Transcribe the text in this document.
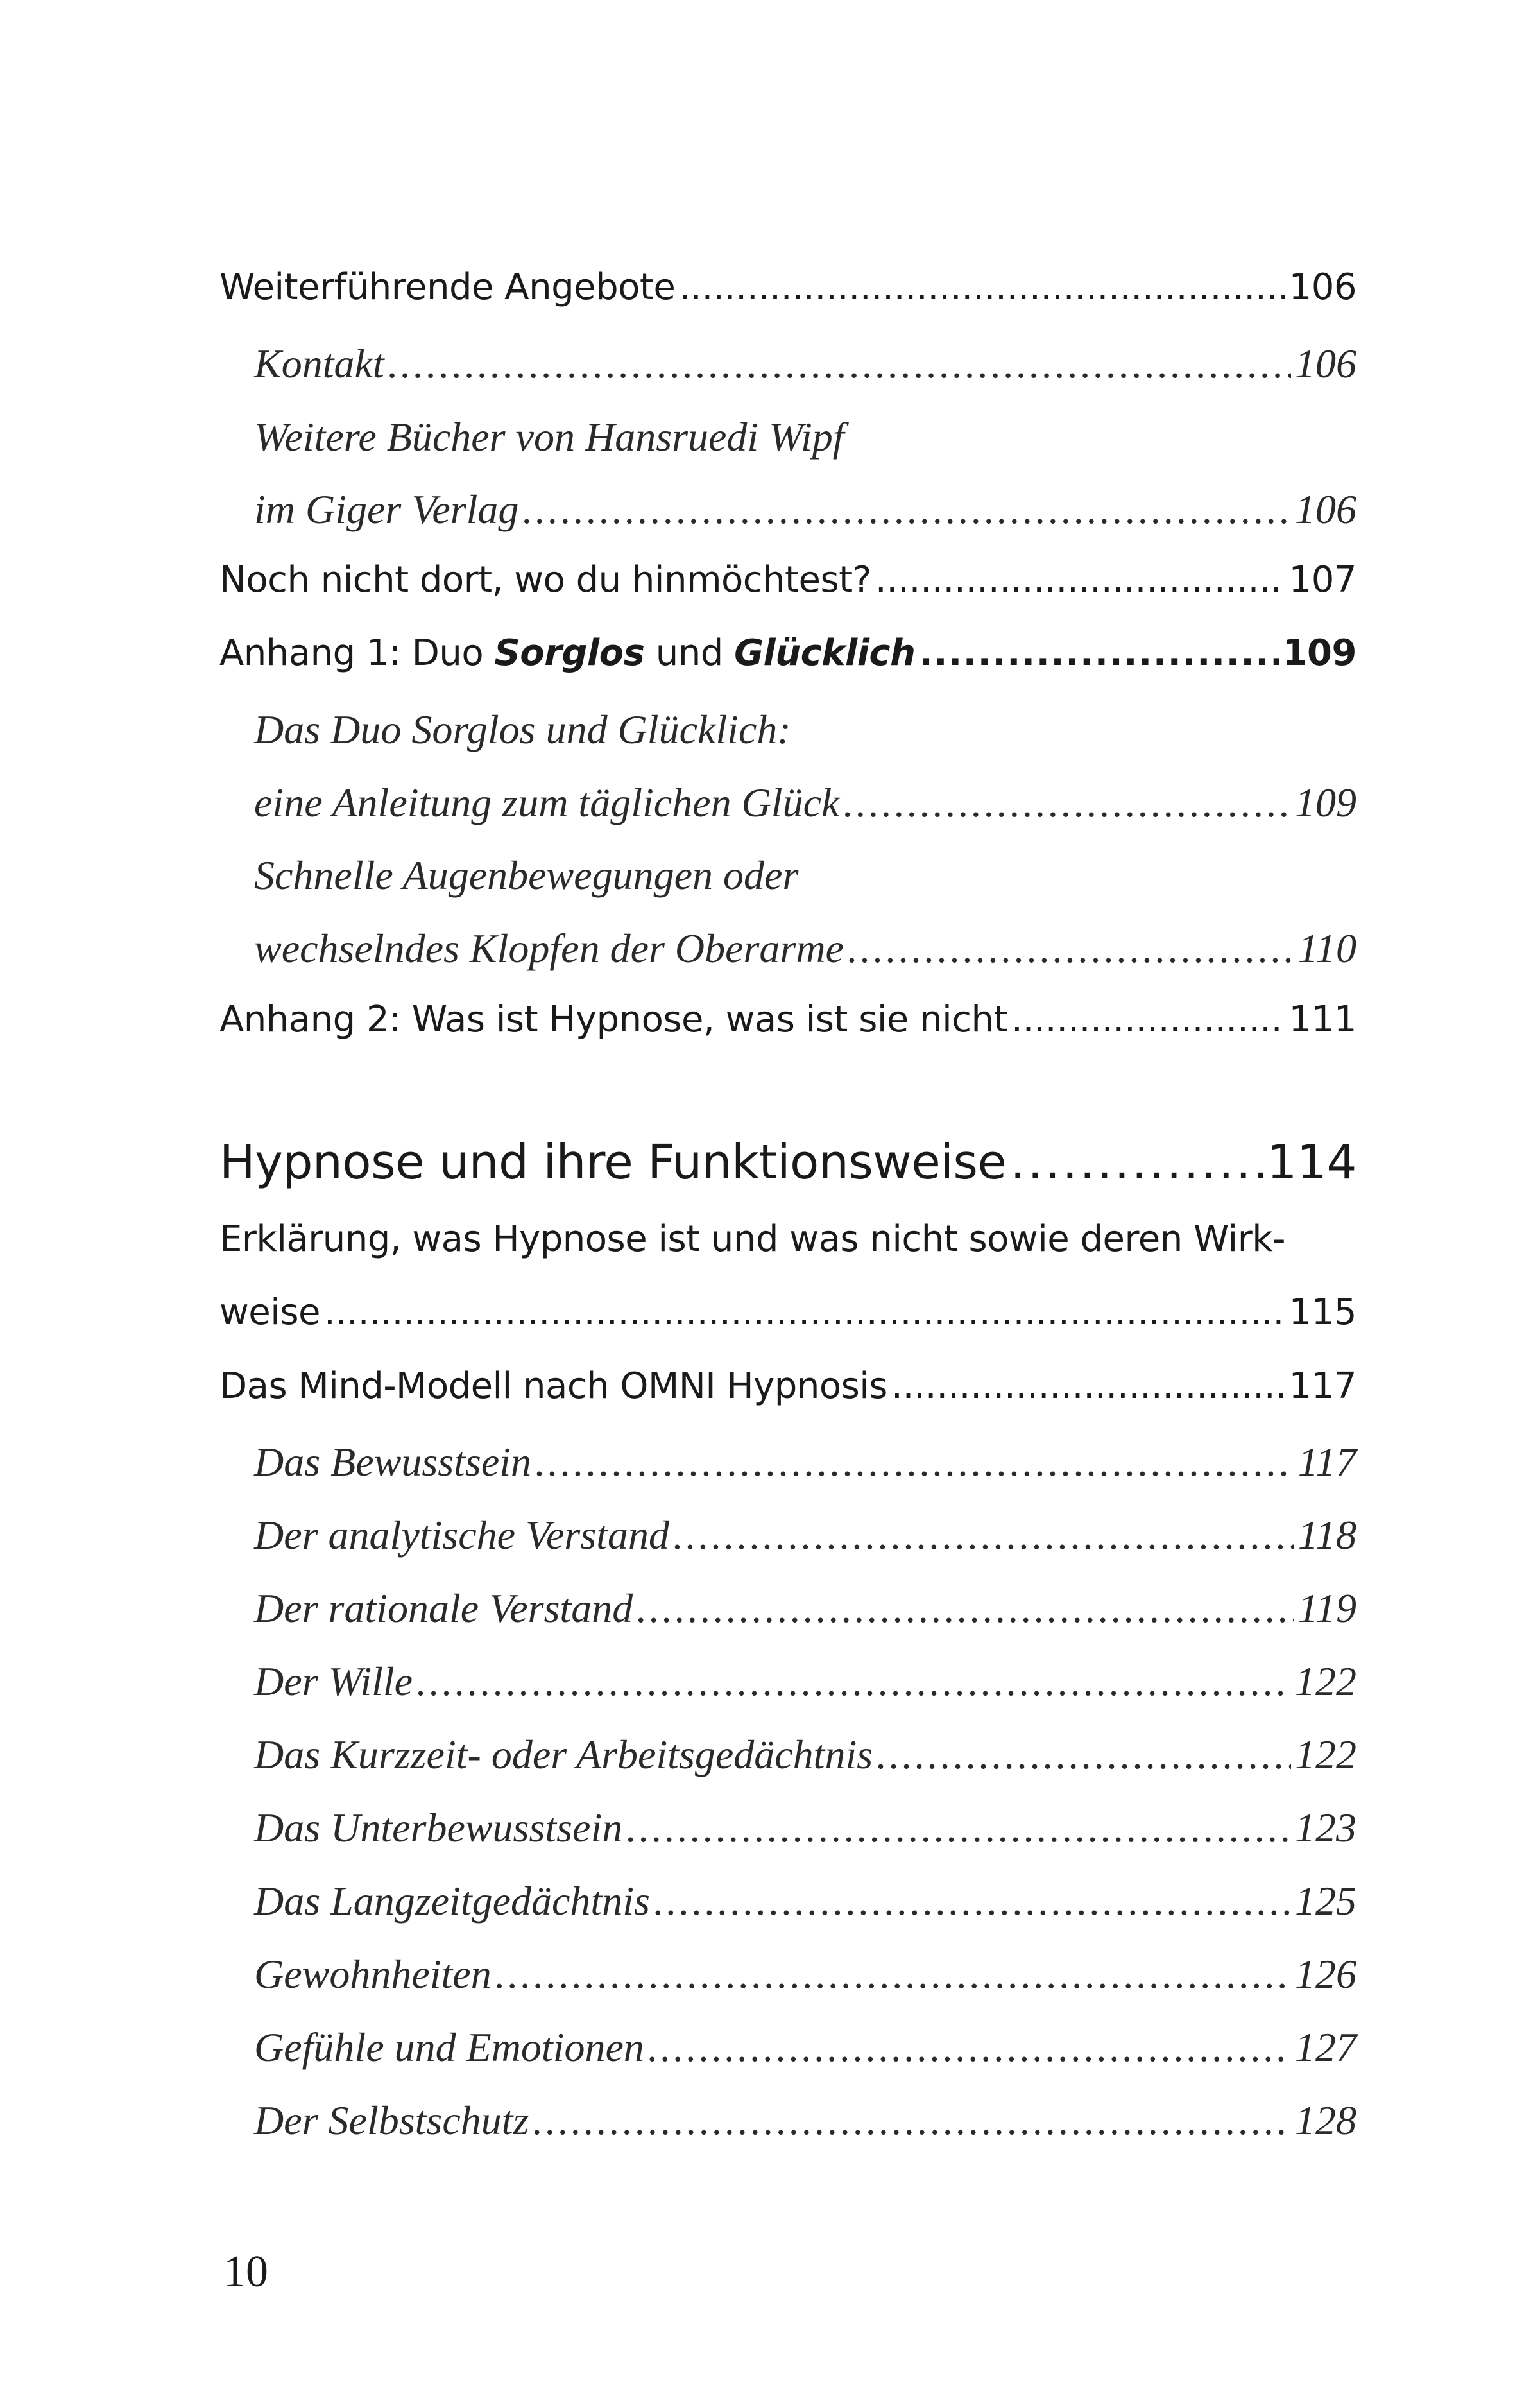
Weiterführende Angebote . . .	106
Kontakt . . .	106
Weitere Bücher von Hansruedi Wipf
im Giger Verlag . . .	106
Noch nicht dort, wo du hinmöchtest? . . .	107
Anhang 1: Duo Sorglos und Glücklich . . .	109
Das Duo Sorglos und Glücklich:
eine Anleitung zum täglichen Glück . . .	109
Schnelle Augenbewegungen oder
wechselndes Klopfen der Oberarme . . .	110
Anhang 2: Was ist Hypnose, was ist sie nicht . . .	111
Hypnose und ihre Funktionsweise . . .	114
Erklärung, was Hypnose ist und was nicht sowie deren Wirk-
weise . . .	115
Das Mind-Modell nach OMNI Hypnosis . . .	117
Das Bewusstsein . . .	117
Der analytische Verstand . . .	118
Der rationale Verstand . . .	119
Der Wille . . .	122
Das Kurzzeit- oder Arbeitsgedächtnis . . .	122
Das Unterbewusstsein . . .	123
Das Langzeitgedächtnis . . .	125
Gewohnheiten . . .	126
Gefühle und Emotionen . . .	127
Der Selbstschutz . . .	128
10
